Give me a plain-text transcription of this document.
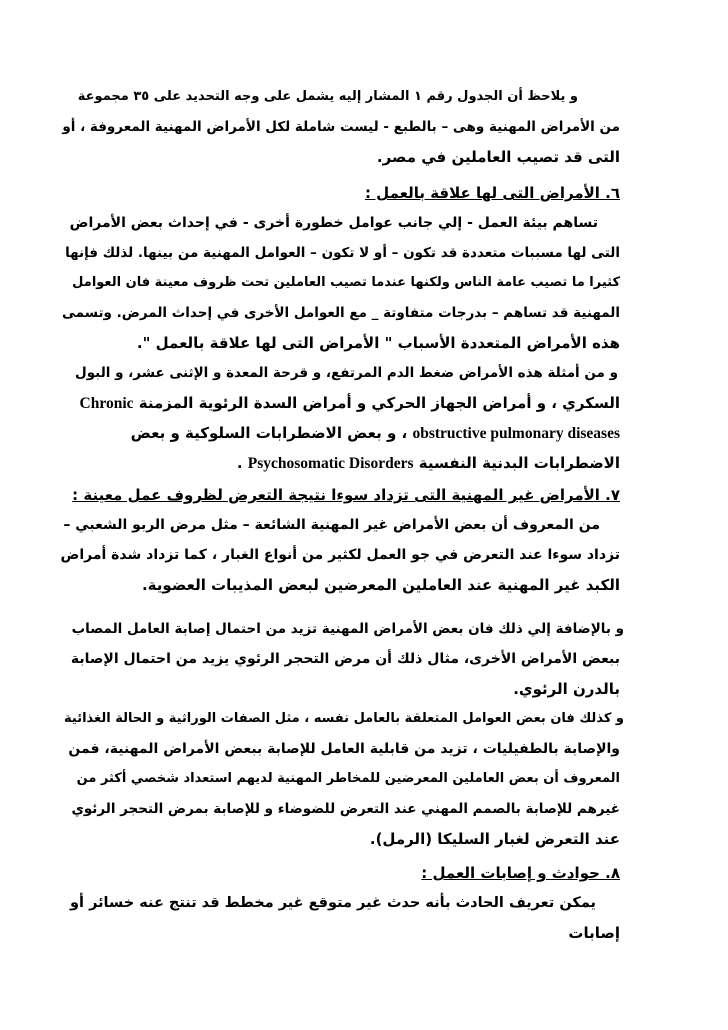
و يلاحظ أن الجدول رقم ١ المشار إليه يشمل على وجه التحديد على ٣٥ مجموعة
من الأمراض المهنية وهى – بالطبع - ليست شاملة لكل الأمراض المهنية المعروفة ، أو
التى قد تصيب العاملين في مصر.
٦. الأمراض التى لها علاقة بالعمل :
تساهم بيئة العمل - إلي جانب عوامل خطورة أخرى - في إحداث بعض الأمراض
التى لها مسببات متعددة قد تكون – أو لا تكون – العوامل المهنية من بينها. لذلك فإنها
كثيرا ما تصيب عامة الناس ولكنها عندما تصيب العاملين تحت ظروف معينة فان العوامل
المهنية قد تساهم – بدرجات متفاوتة _ مع العوامل الأخرى في إحداث المرض. وتسمى
هذه الأمراض المتعددة الأسباب " الأمراض التى لها علاقة بالعمل ".
و من أمثلة هذه الأمراض ضغط الدم المرتفع، و قرحة المعدة و الإثنى عشر، و البول
السكري ، و أمراض الجهاز الحركي و أمراض السدة الرئوية المزمنة Chronic
obstructive pulmonary diseases ، و بعض الاضطرابات السلوكية و بعض
الاضطرابات البدنية النفسية Psychosomatic Disorders .
٧. الأمراض غير المهنية التى تزداد سوءا نتيجة التعرض لظروف عمل معينة :
من المعروف أن بعض الأمراض غير المهنية الشائعة – مثل مرض الربو الشعبي –
تزداد سوءا عند التعرض في جو العمل لكثير من أنواع الغبار ، كما تزداد شدة أمراض
الكبد غير المهنية عند العاملين المعرضين لبعض المذيبات العضوية.
و بالإضافة إلي ذلك فان بعض الأمراض المهنية تزيد من احتمال إصابة العامل المصاب
ببعض الأمراض الأخرى، مثال ذلك أن مرض التحجر الرئوي يزيد من احتمال الإصابة
بالدرن الرئوي.
و كذلك فان بعض العوامل المتعلقة بالعامل نفسه ، مثل الصفات الوراثية و الحالة الغذائية
والإصابة بالطفيليات ، تزيد من قابلية العامل للإصابة ببعض الأمراض المهنية، فمن
المعروف أن بعض العاملين المعرضين للمخاطر المهنية لديهم استعداد شخصي أكثر من
غيرهم للإصابة بالصمم المهني عند التعرض للضوضاء و للإصابة بمرض التحجر الرئوي
عند التعرض لغبار السليكا (الرمل).
٨. حوادث و إصابات العمل :
يمكن تعريف الحادث بأنه حدث غير متوقع غير مخطط قد تنتج عنه خسائر أو
إصابات
